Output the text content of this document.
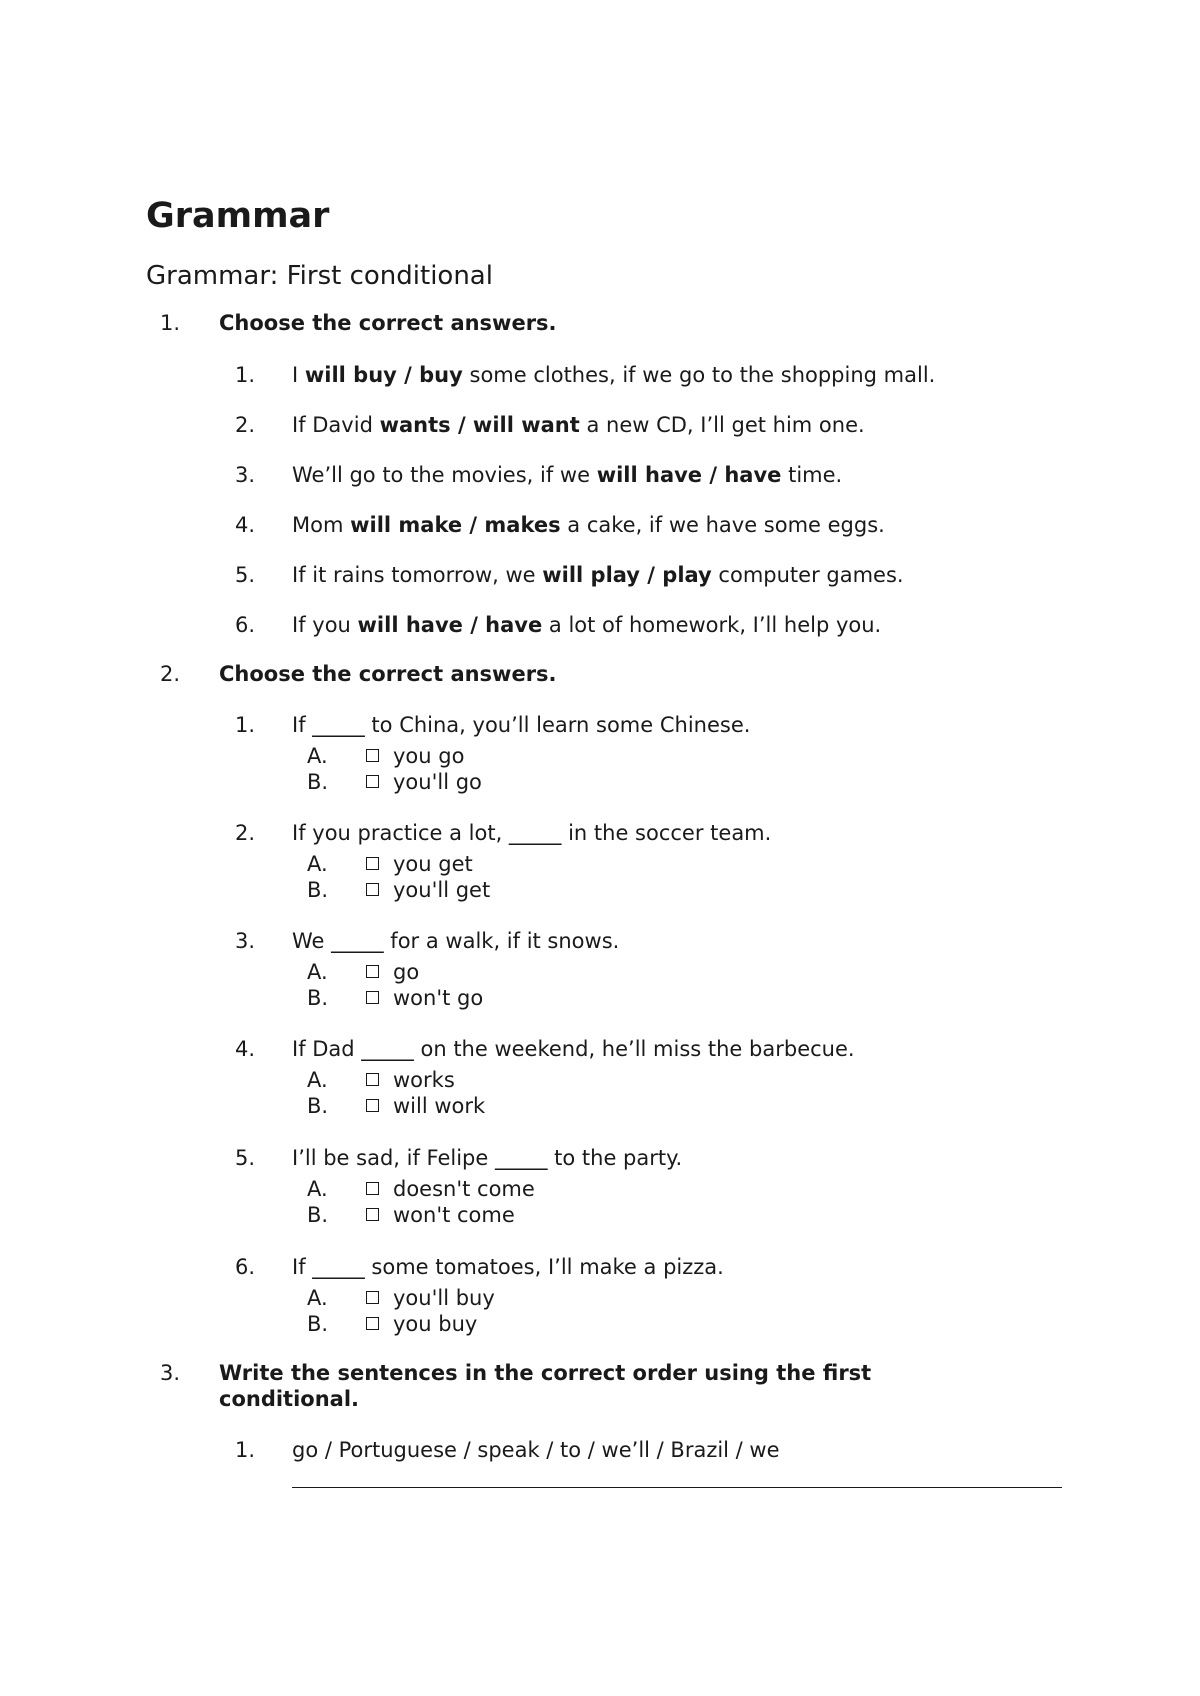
Grammar
Grammar: First conditional
1. Choose the correct answers.
1. I will buy / buy some clothes, if we go to the shopping mall.
2. If David wants / will want a new CD, I’ll get him one.
3. We’ll go to the movies, if we will have / have time.
4. Mom will make / makes a cake, if we have some eggs.
5. If it rains tomorrow, we will play / play computer games.
6. If you will have / have a lot of homework, I’ll help you.
2. Choose the correct answers.
1. If _____ to China, you’ll learn some Chinese.
A.	you go
B.	you'll go
2. If you practice a lot, _____ in the soccer team.
A.	you get
B.	you'll get
3. We _____ for a walk, if it snows.
A.	go
B.	won't go
4. If Dad _____ on the weekend, he’ll miss the barbecue.
A.	works
B.	will work
5. I’ll be sad, if Felipe _____ to the party.
A.	doesn't come
B.	won't come
6. If _____ some tomatoes, I’ll make a pizza.
A.	you'll buy
B.	you buy
3. Write the sentences in the correct order using the first conditional.
1. go / Portuguese / speak / to / we’ll / Brazil / we
